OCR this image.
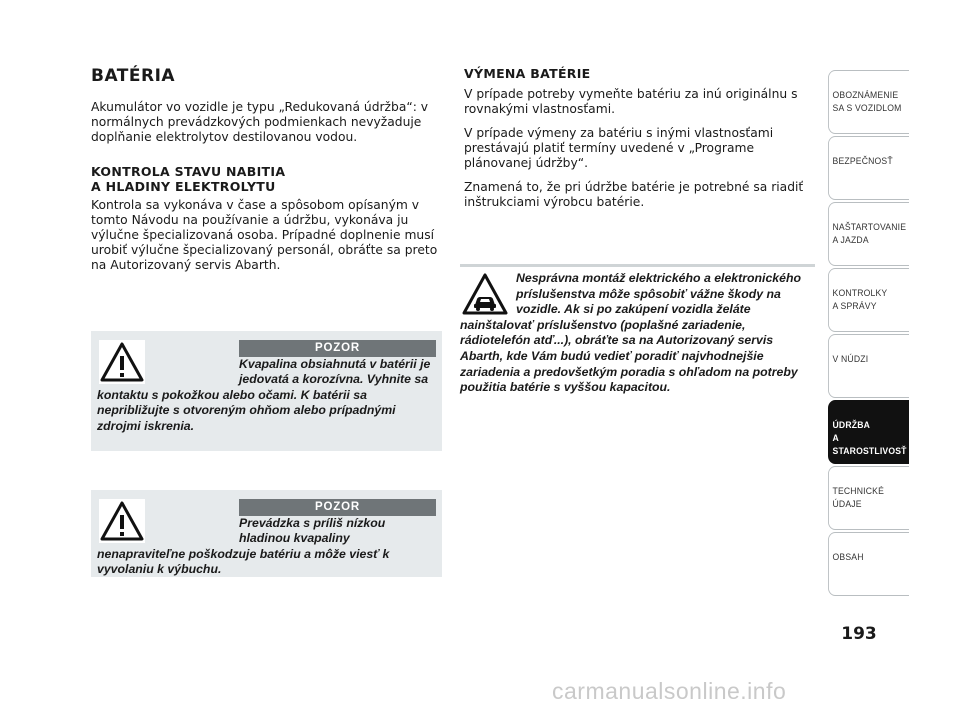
BATÉRIA

Akumulátor vo vozidle je typu „Redukovaná údržba“: v normálnych prevádzkových podmienkach nevyžaduje doplňanie elektrolytov destilovanou vodou.

KONTROLA STAVU NABITIA
A HLADINY ELEKTROLYTU

Kontrola sa vykonáva v čase a spôsobom opísaným v tomto Návodu na používanie a údržbu, vykonáva ju výlučne špecializovaná osoba. Prípadné doplnenie musí urobiť výlučne špecializovaný personál, obráťte sa preto na Autorizovaný servis Abarth.

POZOR
Kvapalina obsiahnutá v batérii je jedovatá a korozívna. Vyhnite sa kontaktu s pokožkou alebo očami. K batérii sa nepribližujte s otvoreným ohňom alebo prípadnými zdrojmi iskrenia.
POZOR
Prevádzka s príliš nízkou hladinou kvapaliny nenapraviteľne poškodzuje batériu a môže viesť k vyvolaniu k výbuchu.
VÝMENA BATÉRIE

V prípade potreby vymeňte batériu za inú originálnu s rovnakými vlastnosťami.

V prípade výmeny za batériu s inými vlastnosťami prestávajú platiť termíny uvedené v „Programe plánovanej údržby“.

Znamená to, že pri údržbe batérie je potrebné sa riadiť inštrukciami výrobcu batérie.

Nesprávna montáž elektrického a elektronického príslušenstva môže spôsobiť vážne škody na vozidle. Ak si po zakúpení vozidla želáte nainštalovať príslušenstvo (poplašné zariadenie, rádiotelefón atď...), obráťte sa na Autorizovaný servis Abarth, kde Vám budú vedieť poradiť najvhodnejšie zariadenia a predovšetkým poradia s ohľadom na potreby použitia batérie s vyššou kapacitou.
OBOZNÁMENIE
SA S VOZIDLOM
BEZPEČNOSŤ
NAŠTARTOVANIE
A JAZDA
KONTROLKY
A SPRÁVY
V NÚDZI
ÚDRŽBA
A STAROSTLIVOSŤ
TECHNICKÉ
ÚDAJE
OBSAH
193
carmanualsonline.info
